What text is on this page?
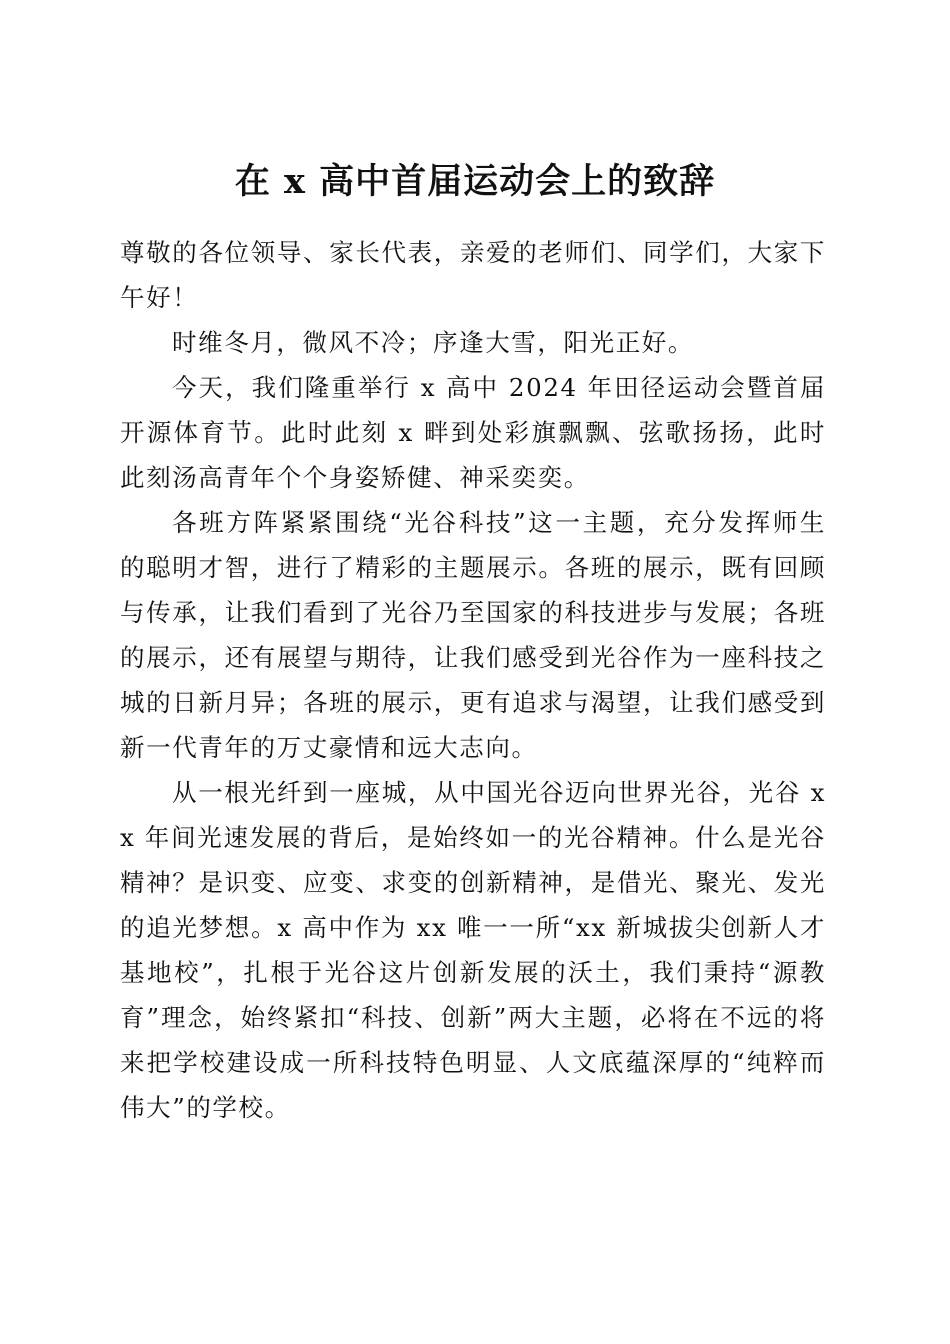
在 x 高中首届运动会上的致辞

尊敬的各位领导、家长代表，亲爱的老师们、同学们，大家下午好！

时维冬月，微风不冷；序逢大雪，阳光正好。

今天，我们隆重举行 x 高中 2024 年田径运动会暨首届开源体育节。此时此刻 x 畔到处彩旗飘飘、弦歌扬扬，此时此刻汤高青年个个身姿矫健、神采奕奕。

各班方阵紧紧围绕“光谷科技”这一主题，充分发挥师生的聪明才智，进行了精彩的主题展示。各班的展示，既有回顾与传承，让我们看到了光谷乃至国家的科技进步与发展；各班的展示，还有展望与期待，让我们感受到光谷作为一座科技之城的日新月异；各班的展示，更有追求与渴望，让我们感受到新一代青年的万丈豪情和远大志向。

从一根光纤到一座城，从中国光谷迈向世界光谷，光谷 xx 年间光速发展的背后，是始终如一的光谷精神。什么是光谷精神？是识变、应变、求变的创新精神，是借光、聚光、发光的追光梦想。x 高中作为 xx 唯一一所“xx 新城拔尖创新人才基地校”，扎根于光谷这片创新发展的沃土，我们秉持“源教育”理念，始终紧扣“科技、创新”两大主题，必将在不远的将来把学校建设成一所科技特色明显、人文底蕴深厚的“纯粹而伟大”的学校。
